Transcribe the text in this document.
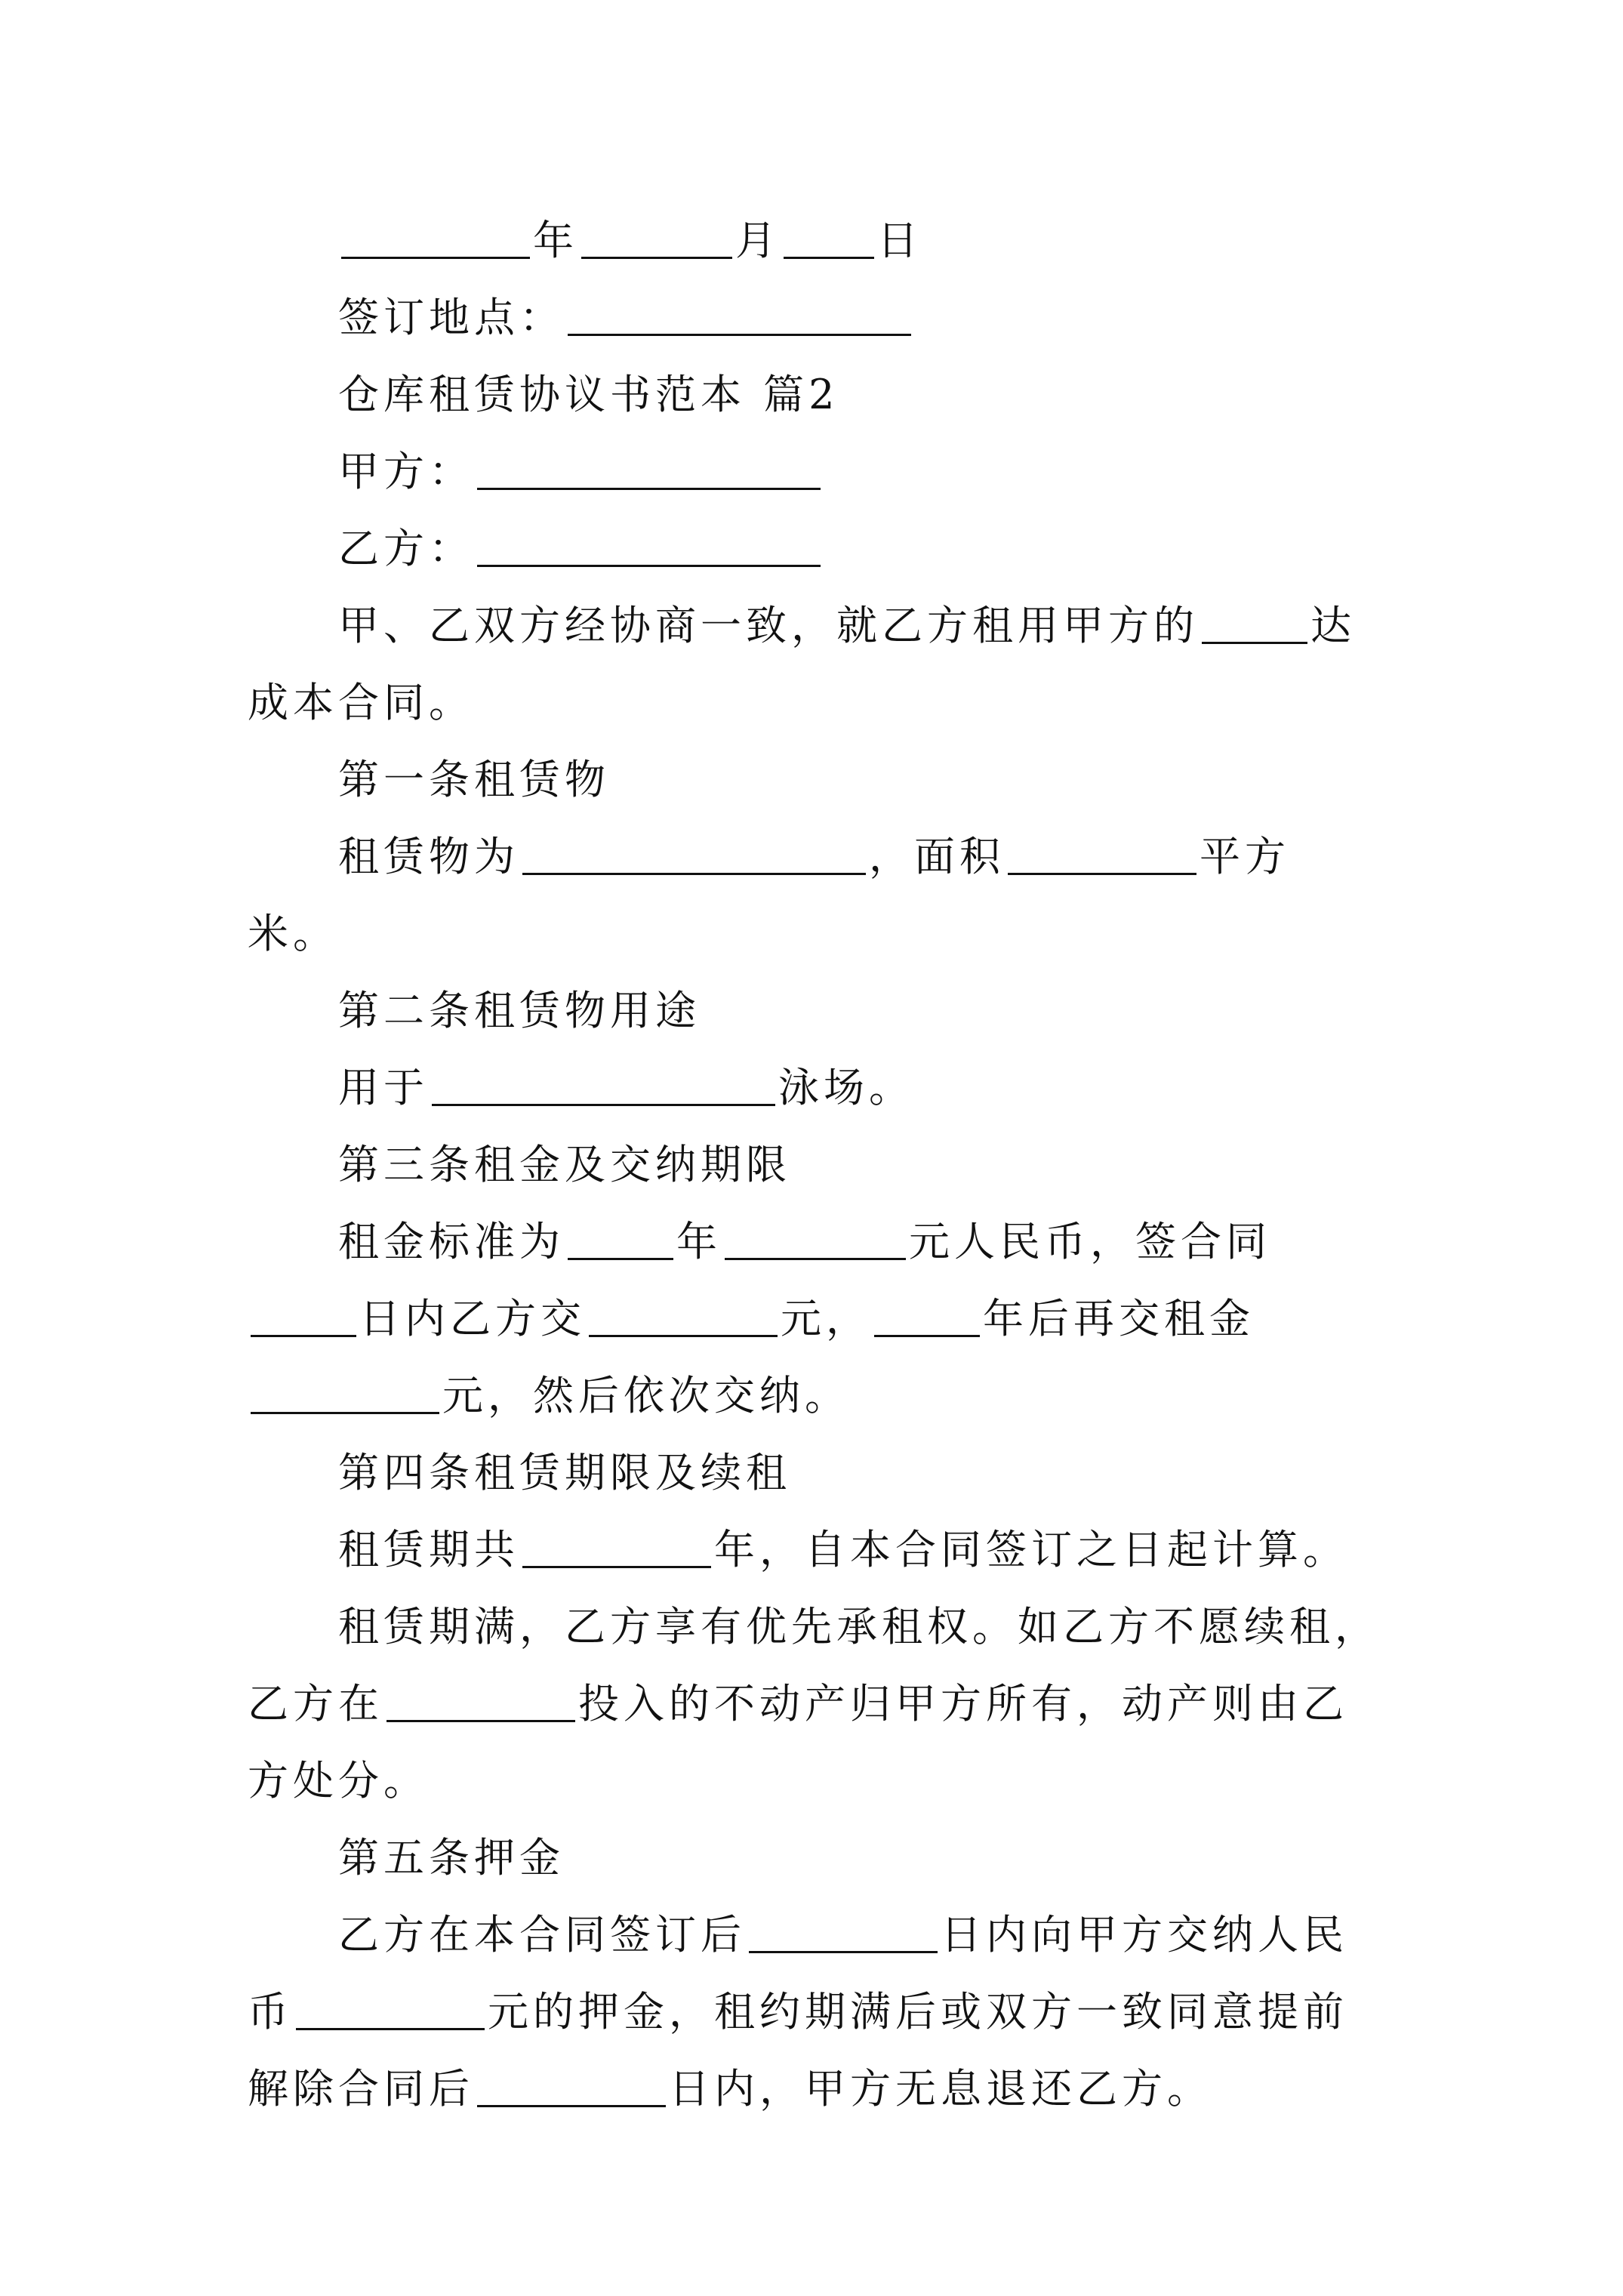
年	月 日

签订地点：

仓库租赁协议书范本 篇2

甲方：

乙方：

甲、乙双方经协商一致，就乙方租用甲方的	达成本合同。

第一条租赁物

租赁物为	，面积	平方米。

第二条租赁物用途

用于	泳场。

第三条租金及交纳期限

租金标准为	年	元人民币，签合同日内乙方交	元，	年后再交租金元，然后依次交纳。

第四条租赁期限及续租

租赁期共	年，自本合同签订之日起计算。

租赁期满，乙方享有优先承租权。如乙方不愿续租，乙方在	投入的不动产归甲方所有，动产则由乙方处分。

第五条押金

乙方在本合同签订后	日内向甲方交纳人民币	元的押金，租约期满后或双方一致同意提前解除合同后	日内，甲方无息退还乙方。
